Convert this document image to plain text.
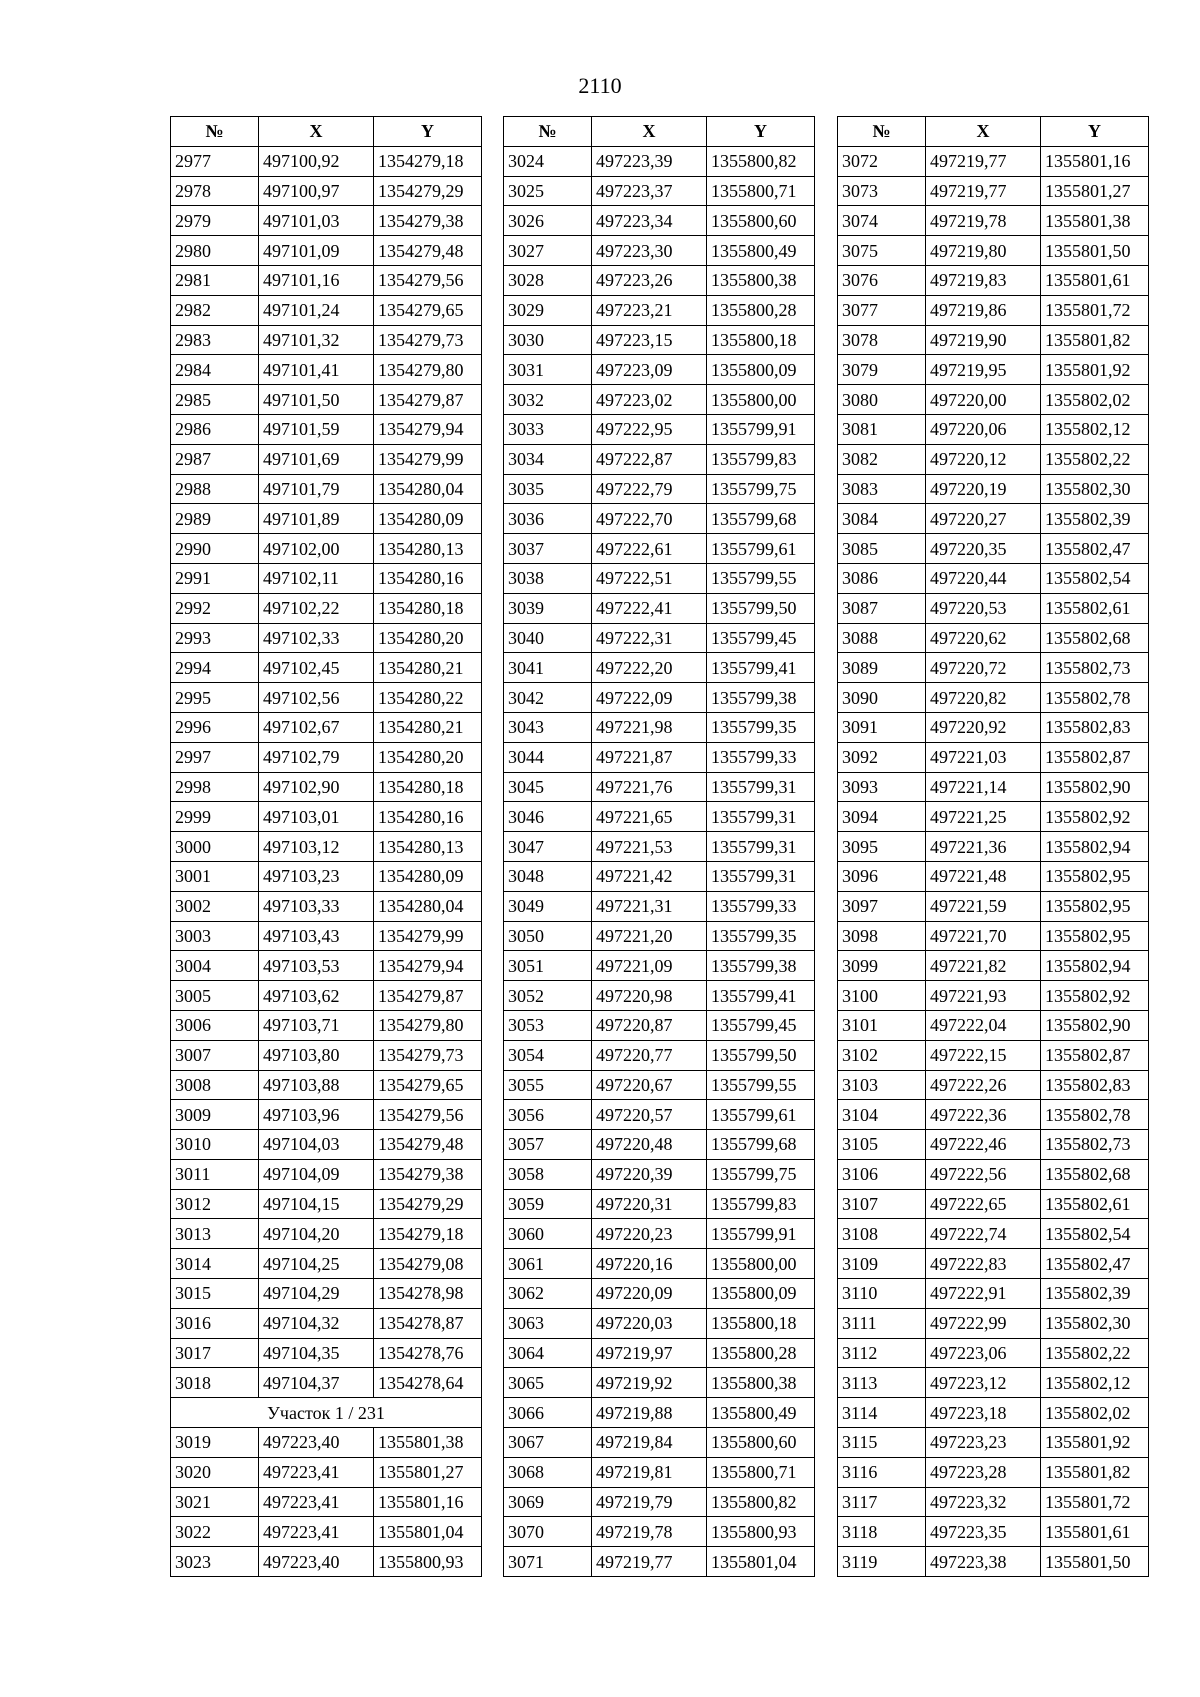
2110
№	X	Y
2977	497100,92	1354279,18
2978	497100,97	1354279,29
2979	497101,03	1354279,38
2980	497101,09	1354279,48
2981	497101,16	1354279,56
2982	497101,24	1354279,65
2983	497101,32	1354279,73
2984	497101,41	1354279,80
2985	497101,50	1354279,87
2986	497101,59	1354279,94
2987	497101,69	1354279,99
2988	497101,79	1354280,04
2989	497101,89	1354280,09
2990	497102,00	1354280,13
2991	497102,11	1354280,16
2992	497102,22	1354280,18
2993	497102,33	1354280,20
2994	497102,45	1354280,21
2995	497102,56	1354280,22
2996	497102,67	1354280,21
2997	497102,79	1354280,20
2998	497102,90	1354280,18
2999	497103,01	1354280,16
3000	497103,12	1354280,13
3001	497103,23	1354280,09
3002	497103,33	1354280,04
3003	497103,43	1354279,99
3004	497103,53	1354279,94
3005	497103,62	1354279,87
3006	497103,71	1354279,80
3007	497103,80	1354279,73
3008	497103,88	1354279,65
3009	497103,96	1354279,56
3010	497104,03	1354279,48
3011	497104,09	1354279,38
3012	497104,15	1354279,29
3013	497104,20	1354279,18
3014	497104,25	1354279,08
3015	497104,29	1354278,98
3016	497104,32	1354278,87
3017	497104,35	1354278,76
3018	497104,37	1354278,64
Участок 1 / 231		
3019	497223,40	1355801,38
3020	497223,41	1355801,27
3021	497223,41	1355801,16
3022	497223,41	1355801,04
3023	497223,40	1355800,93
№	X	Y
3024	497223,39	1355800,82
3025	497223,37	1355800,71
3026	497223,34	1355800,60
3027	497223,30	1355800,49
3028	497223,26	1355800,38
3029	497223,21	1355800,28
3030	497223,15	1355800,18
3031	497223,09	1355800,09
3032	497223,02	1355800,00
3033	497222,95	1355799,91
3034	497222,87	1355799,83
3035	497222,79	1355799,75
3036	497222,70	1355799,68
3037	497222,61	1355799,61
3038	497222,51	1355799,55
3039	497222,41	1355799,50
3040	497222,31	1355799,45
3041	497222,20	1355799,41
3042	497222,09	1355799,38
3043	497221,98	1355799,35
3044	497221,87	1355799,33
3045	497221,76	1355799,31
3046	497221,65	1355799,31
3047	497221,53	1355799,31
3048	497221,42	1355799,31
3049	497221,31	1355799,33
3050	497221,20	1355799,35
3051	497221,09	1355799,38
3052	497220,98	1355799,41
3053	497220,87	1355799,45
3054	497220,77	1355799,50
3055	497220,67	1355799,55
3056	497220,57	1355799,61
3057	497220,48	1355799,68
3058	497220,39	1355799,75
3059	497220,31	1355799,83
3060	497220,23	1355799,91
3061	497220,16	1355800,00
3062	497220,09	1355800,09
3063	497220,03	1355800,18
3064	497219,97	1355800,28
3065	497219,92	1355800,38
3066	497219,88	1355800,49
3067	497219,84	1355800,60
3068	497219,81	1355800,71
3069	497219,79	1355800,82
3070	497219,78	1355800,93
3071	497219,77	1355801,04
№	X	Y
3072	497219,77	1355801,16
3073	497219,77	1355801,27
3074	497219,78	1355801,38
3075	497219,80	1355801,50
3076	497219,83	1355801,61
3077	497219,86	1355801,72
3078	497219,90	1355801,82
3079	497219,95	1355801,92
3080	497220,00	1355802,02
3081	497220,06	1355802,12
3082	497220,12	1355802,22
3083	497220,19	1355802,30
3084	497220,27	1355802,39
3085	497220,35	1355802,47
3086	497220,44	1355802,54
3087	497220,53	1355802,61
3088	497220,62	1355802,68
3089	497220,72	1355802,73
3090	497220,82	1355802,78
3091	497220,92	1355802,83
3092	497221,03	1355802,87
3093	497221,14	1355802,90
3094	497221,25	1355802,92
3095	497221,36	1355802,94
3096	497221,48	1355802,95
3097	497221,59	1355802,95
3098	497221,70	1355802,95
3099	497221,82	1355802,94
3100	497221,93	1355802,92
3101	497222,04	1355802,90
3102	497222,15	1355802,87
3103	497222,26	1355802,83
3104	497222,36	1355802,78
3105	497222,46	1355802,73
3106	497222,56	1355802,68
3107	497222,65	1355802,61
3108	497222,74	1355802,54
3109	497222,83	1355802,47
3110	497222,91	1355802,39
3111	497222,99	1355802,30
3112	497223,06	1355802,22
3113	497223,12	1355802,12
3114	497223,18	1355802,02
3115	497223,23	1355801,92
3116	497223,28	1355801,82
3117	497223,32	1355801,72
3118	497223,35	1355801,61
3119	497223,38	1355801,50
